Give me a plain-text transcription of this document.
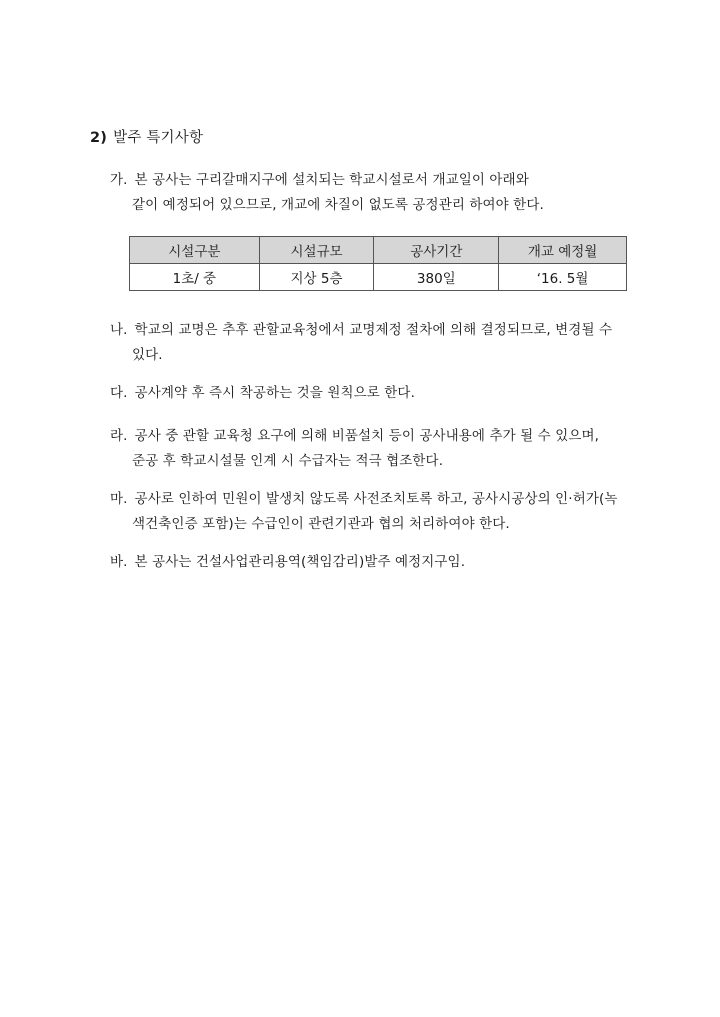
2) 발주 특기사항
가. 본 공사는 구리갈매지구에 설치되는 학교시설로서 개교일이 아래와
같이 예정되어 있으므로, 개교에 차질이 없도록 공정관리 하여야 한다.
시설구분	시설규모	공사기간	개교 예정월
1초/ 중	지상 5층	380일	‘16. 5월
나. 학교의 교명은 추후 관할교육청에서 교명제정 절차에 의해 결정되므로, 변경될 수
있다.
다. 공사계약 후 즉시 착공하는 것을 원칙으로 한다.
라. 공사 중 관할 교육청 요구에 의해 비품설치 등이 공사내용에 추가 될 수 있으며,
준공 후 학교시설물 인계 시 수급자는 적극 협조한다.
마. 공사로 인하여 민원이 발생치 않도록 사전조치토록 하고, 공사시공상의 인·허가(녹
색건축인증 포함)는 수급인이 관련기관과 협의 처리하여야 한다.
바. 본 공사는 건설사업관리용역(책임감리)발주 예정지구임.
